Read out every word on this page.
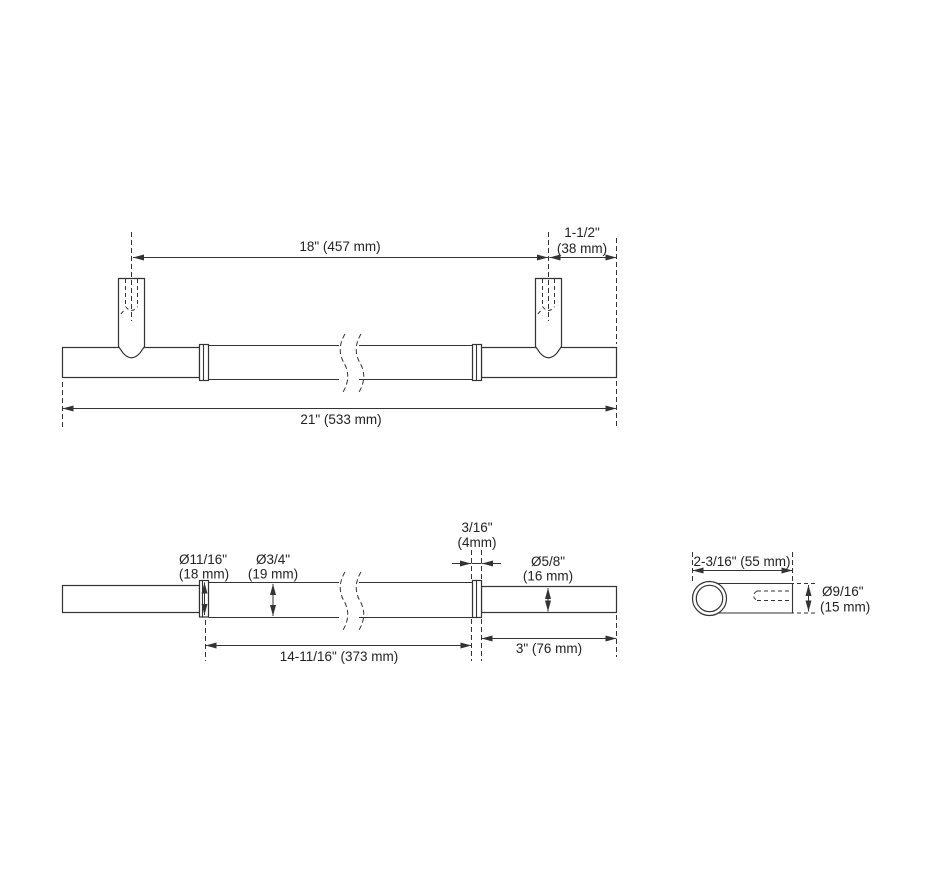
18" (457 mm)
1-1/2"
(38 mm)
21" (533 mm)
Ø11/16"
(18 mm)
Ø3/4"
(19 mm)
3/16"
(4mm)
Ø5/8"
(16 mm)
14-11/16" (373 mm)
3" (76 mm)
2-3/16" (55 mm)
Ø9/16"
(15 mm)
